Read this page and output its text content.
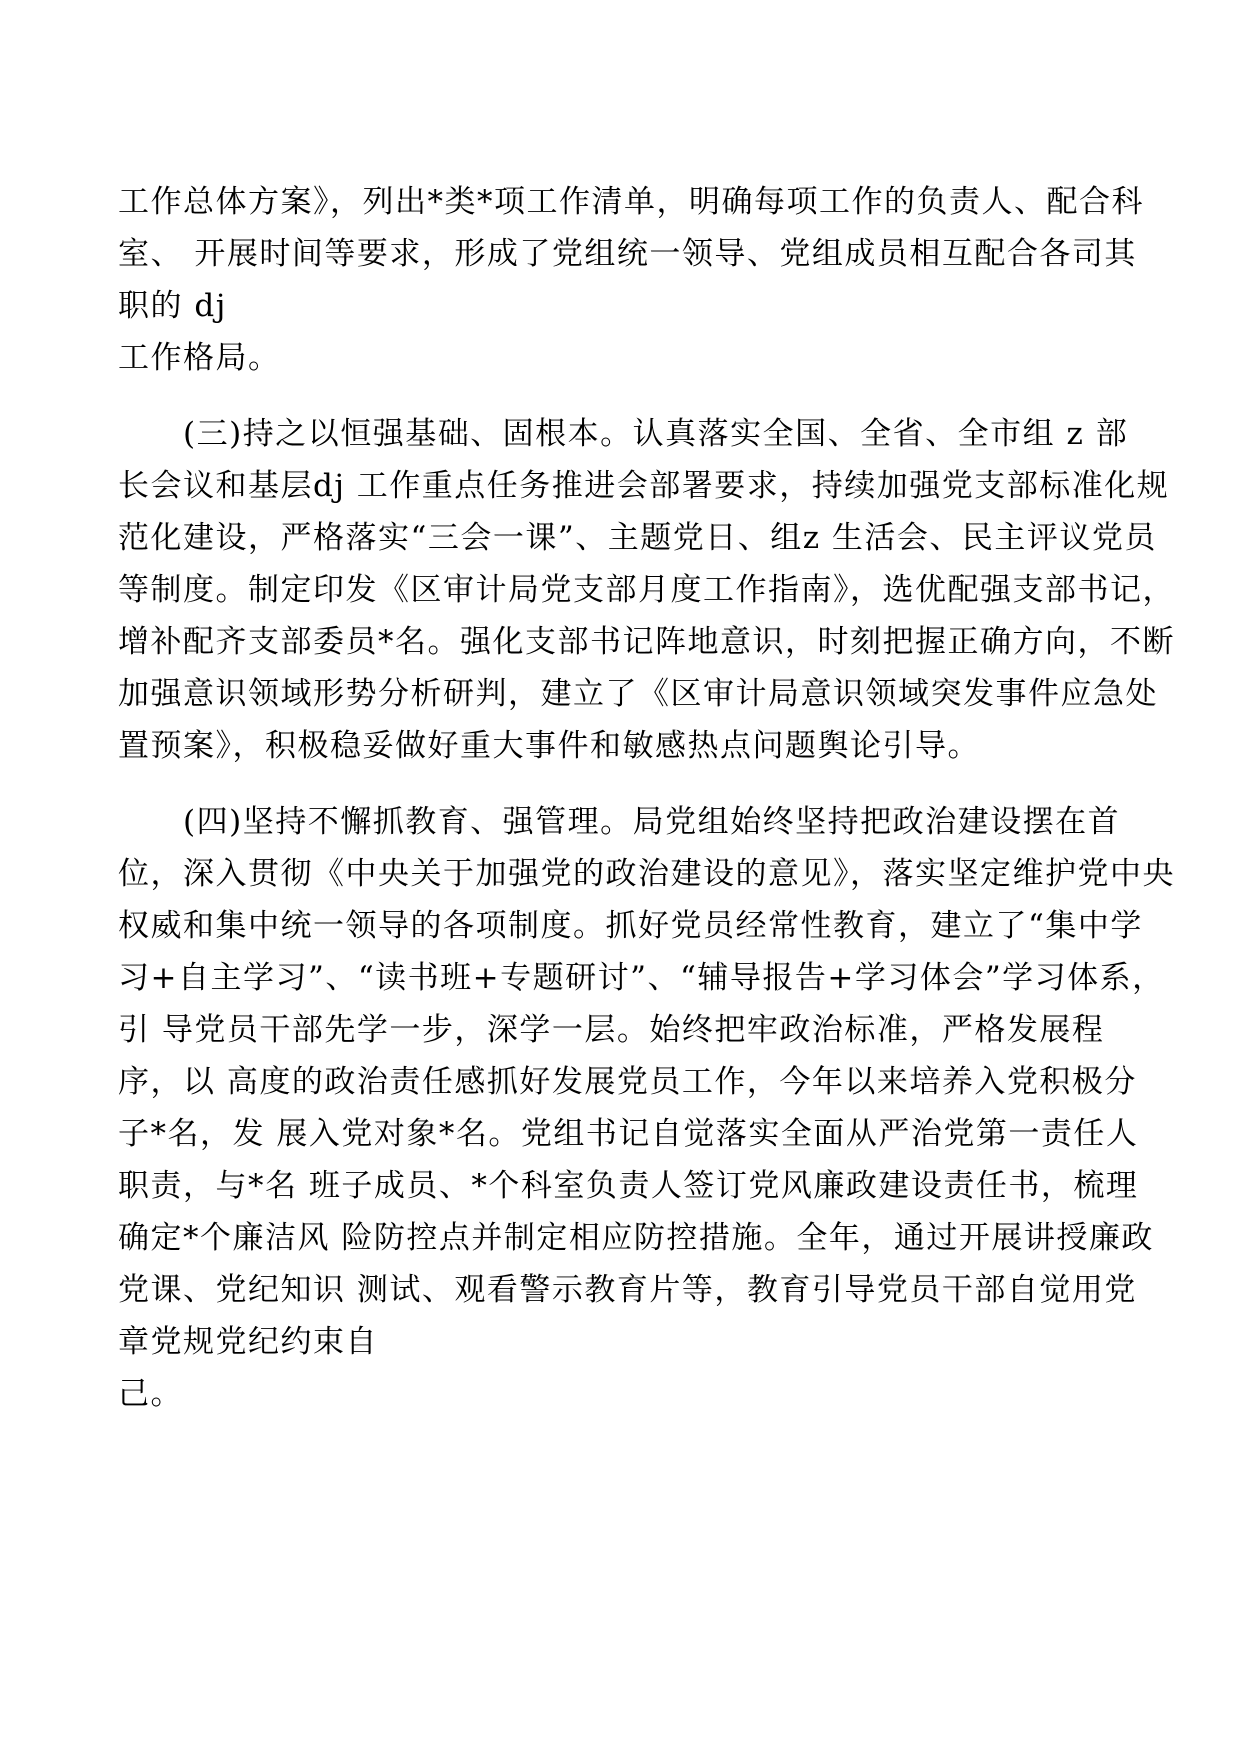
工作总体方案》，列出*类*项工作清单，明确每项工作的负责人、配合科
室、 开展时间等要求，形成了党组统一领导、党组成员相互配合各司其
职的 dj
工作格局。
　　(三)持之以恒强基础、固根本。认真落实全国、全省、全市组 z 部
长会议和基层dj 工作重点任务推进会部署要求，持续加强党支部标准化规
范化建设，严格落实“三会一课”、主题党日、组z 生活会、民主评议党员
等制度。制定印发《区审计局党支部月度工作指南》，选优配强支部书记，
增补配齐支部委员*名。强化支部书记阵地意识，时刻把握正确方向，不断
加强意识领域形势分析研判，建立了《区审计局意识领域突发事件应急处
置预案》，积极稳妥做好重大事件和敏感热点问题舆论引导。
　　(四)坚持不懈抓教育、强管理。局党组始终坚持把政治建设摆在首
位，深入贯彻《中央关于加强党的政治建设的意见》，落实坚定维护党中央
权威和集中统一领导的各项制度。抓好党员经常性教育，建立了“集中学
习+自主学习”、“读书班+专题研讨”、“辅导报告+学习体会”学习体系，
引 导党员干部先学一步，深学一层。始终把牢政治标准，严格发展程
序，以 高度的政治责任感抓好发展党员工作，今年以来培养入党积极分
子*名，发 展入党对象*名。党组书记自觉落实全面从严治党第一责任人
职责，与*名 班子成员、*个科室负责人签订党风廉政建设责任书，梳理
确定*个廉洁风 险防控点并制定相应防控措施。全年，通过开展讲授廉政
党课、党纪知识 测试、观看警示教育片等，教育引导党员干部自觉用党
章党规党纪约束自
己。
